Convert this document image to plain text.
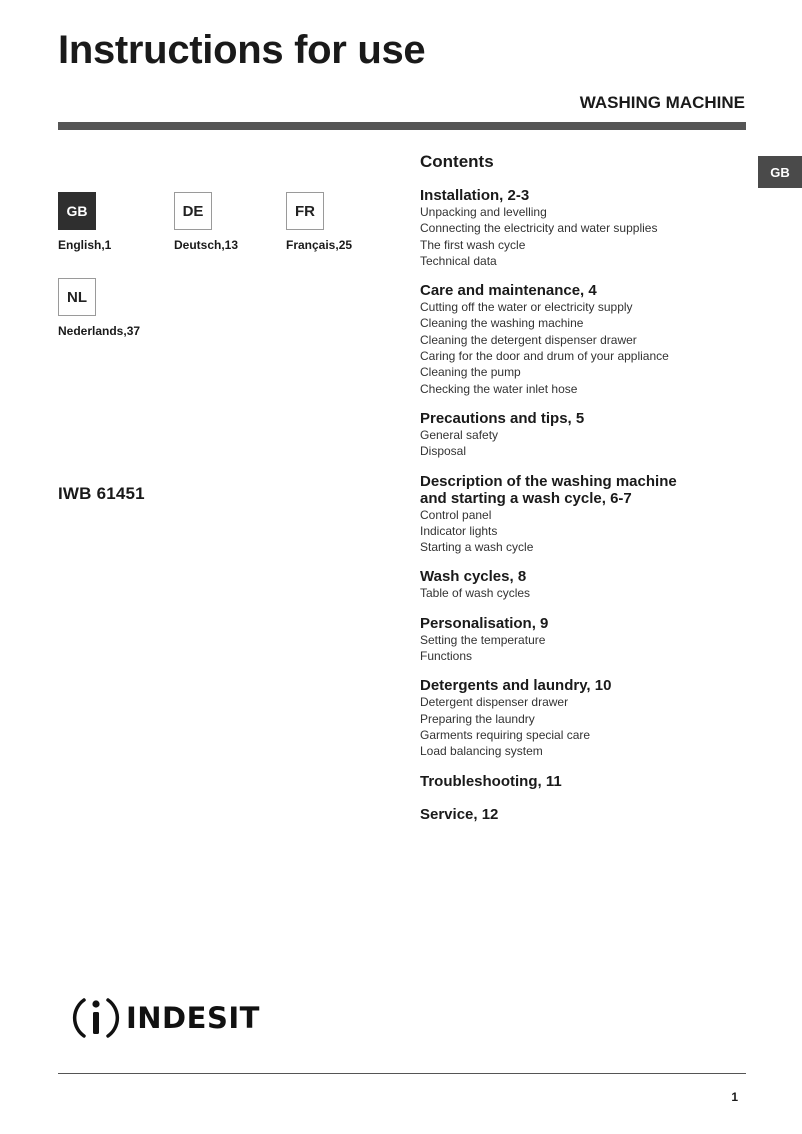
Instructions for use
WASHING MACHINE
GB
GB
English,1
DE
Deutsch,13
FR
Français,25
NL
Nederlands,37
IWB 61451
Contents
Installation, 2-3
Unpacking and levelling
Connecting the electricity and water supplies
The first wash cycle
Technical data
Care and maintenance, 4
Cutting off the water or electricity supply
Cleaning the washing machine
Cleaning the detergent dispenser drawer
Caring for the door and drum of your appliance
Cleaning the pump
Checking the water inlet hose
Precautions and tips, 5
General safety
Disposal
Description of the washing machine
and starting a wash cycle, 6-7
Control panel
Indicator lights
Starting a wash cycle
Wash cycles, 8
Table of wash cycles
Personalisation, 9
Setting the temperature
Functions
Detergents and laundry, 10
Detergent dispenser drawer
Preparing the laundry
Garments requiring special care
Load balancing system
Troubleshooting, 11
Service, 12
INDESIT
1
